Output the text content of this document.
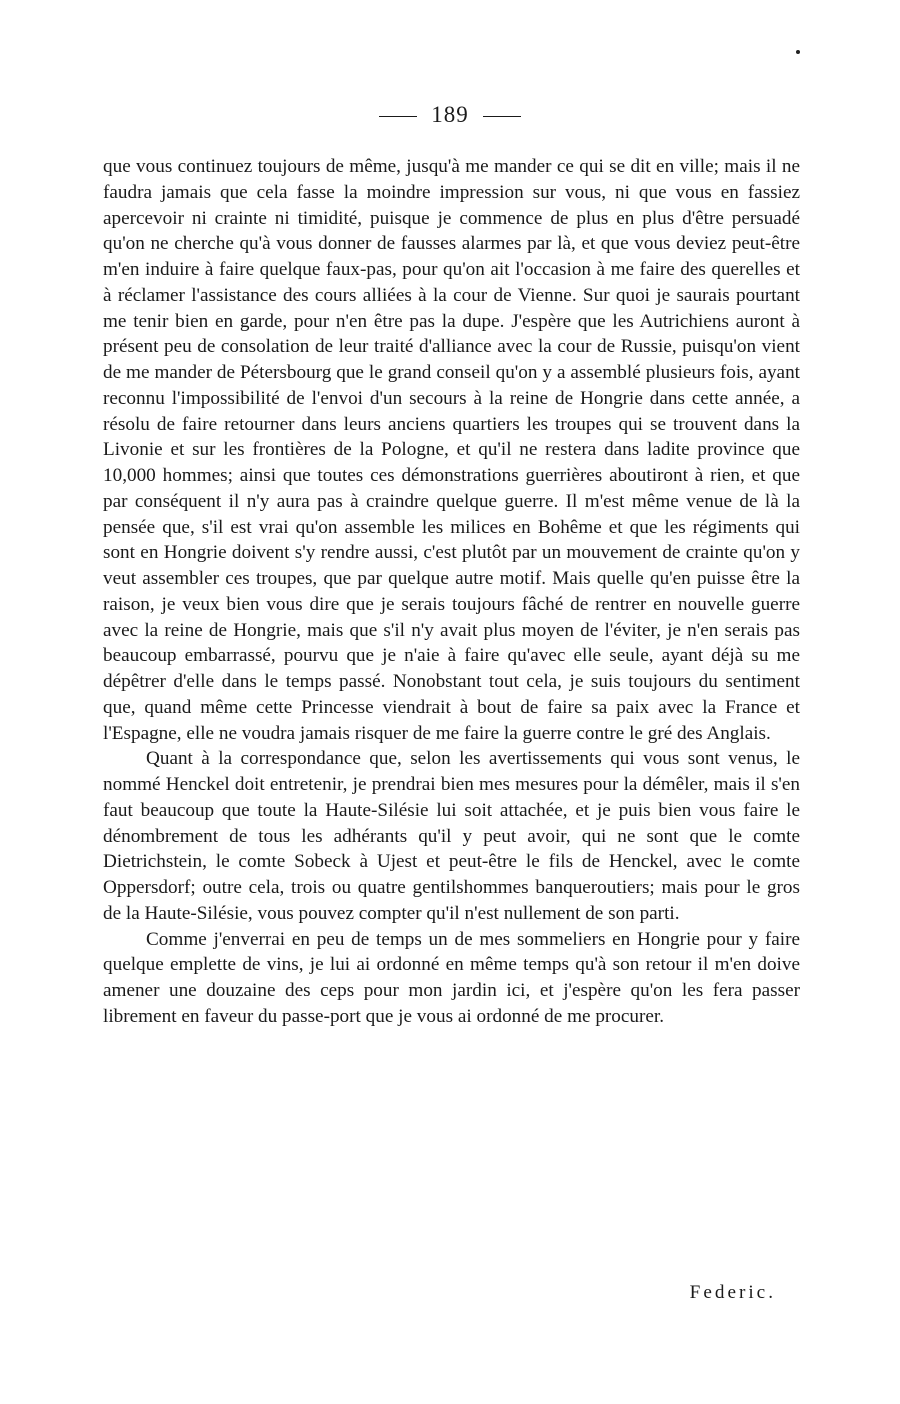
189

que vous continuez toujours de même, jusqu'à me mander ce qui se dit en ville; mais il ne faudra jamais que cela fasse la moindre impression sur vous, ni que vous en fassiez apercevoir ni crainte ni timidité, puisque je commence de plus en plus d'être persuadé qu'on ne cherche qu'à vous donner de fausses alarmes par là, et que vous deviez peut-être m'en induire à faire quelque faux-pas, pour qu'on ait l'occasion à me faire des querelles et à réclamer l'assistance des cours alliées à la cour de Vienne. Sur quoi je saurais pourtant me tenir bien en garde, pour n'en être pas la dupe. J'espère que les Autrichiens auront à présent peu de consolation de leur traité d'alliance avec la cour de Russie, puisqu'on vient de me mander de Pétersbourg que le grand conseil qu'on y a assemblé plusieurs fois, ayant reconnu l'impossibilité de l'envoi d'un secours à la reine de Hongrie dans cette année, a résolu de faire retourner dans leurs anciens quartiers les troupes qui se trouvent dans la Livonie et sur les frontières de la Pologne, et qu'il ne restera dans ladite province que 10,000 hommes; ainsi que toutes ces démonstrations guerrières aboutiront à rien, et que par conséquent il n'y aura pas à craindre quelque guerre. Il m'est même venue de là la pensée que, s'il est vrai qu'on assemble les milices en Bohême et que les régiments qui sont en Hongrie doivent s'y rendre aussi, c'est plutôt par un mouvement de crainte qu'on y veut assembler ces troupes, que par quelque autre motif. Mais quelle qu'en puisse être la raison, je veux bien vous dire que je serais toujours fâché de rentrer en nouvelle guerre avec la reine de Hongrie, mais que s'il n'y avait plus moyen de l'éviter, je n'en serais pas beaucoup embarrassé, pourvu que je n'aie à faire qu'avec elle seule, ayant déjà su me dépêtrer d'elle dans le temps passé. Nonobstant tout cela, je suis toujours du sentiment que, quand même cette Princesse viendrait à bout de faire sa paix avec la France et l'Espagne, elle ne voudra jamais risquer de me faire la guerre contre le gré des Anglais.

Quant à la correspondance que, selon les avertissements qui vous sont venus, le nommé Henckel doit entretenir, je prendrai bien mes mesures pour la démêler, mais il s'en faut beaucoup que toute la Haute-Silésie lui soit attachée, et je puis bien vous faire le dénombrement de tous les adhérants qu'il y peut avoir, qui ne sont que le comte Dietrichstein, le comte Sobeck à Ujest et peut-être le fils de Henckel, avec le comte Oppersdorf; outre cela, trois ou quatre gentilshommes banqueroutiers; mais pour le gros de la Haute-Silésie, vous pouvez compter qu'il n'est nullement de son parti.

Comme j'enverrai en peu de temps un de mes sommeliers en Hongrie pour y faire quelque emplette de vins, je lui ai ordonné en même temps qu'à son retour il m'en doive amener une douzaine des ceps pour mon jardin ici, et j'espère qu'on les fera passer librement en faveur du passe-port que je vous ai ordonné de me procurer.

Federic.
